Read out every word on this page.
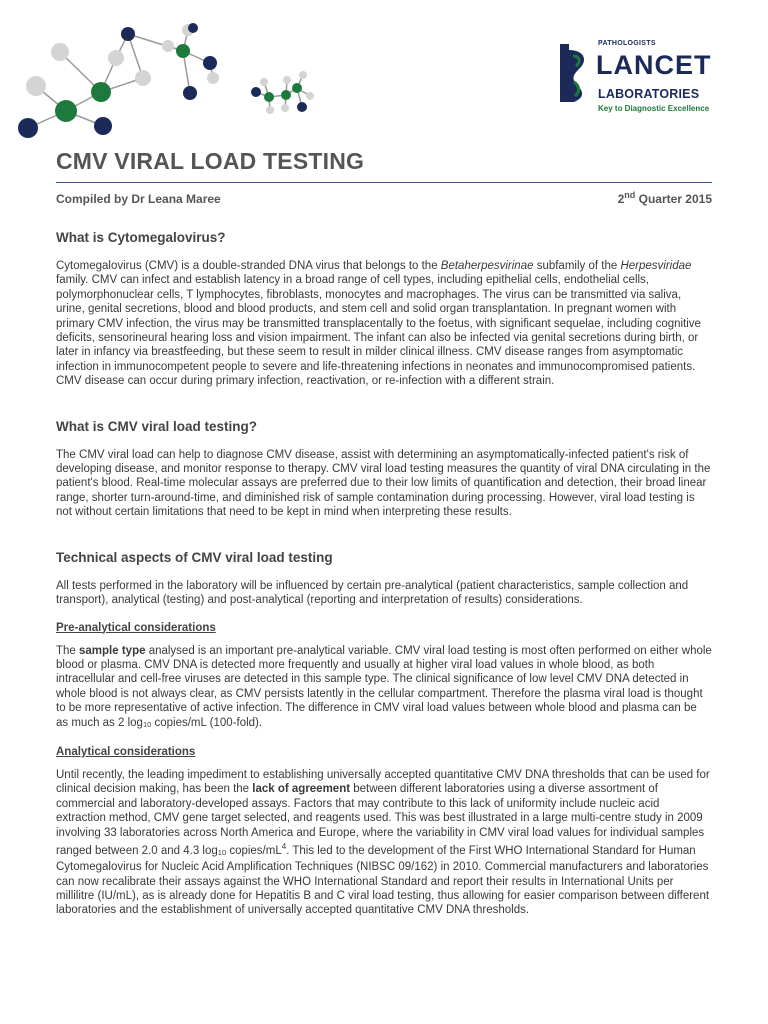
PATHOLOGISTS
LANCET
LABORATORIES
Key to Diagnostic Excellence
CMV VIRAL LOAD TESTING
Compiled by Dr Leana Maree	2nd Quarter 2015
What is Cytomegalovirus?

Cytomegalovirus (CMV) is a double-stranded DNA virus that belongs to the Betaherpesvirinae subfamily of the Herpesviridae family. CMV can infect and establish latency in a broad range of cell types, including epithelial cells, endothelial cells, polymorphonuclear cells, T lymphocytes, fibroblasts, monocytes and macrophages. The virus can be transmitted via saliva, urine, genital secretions, blood and blood products, and stem cell and solid organ transplantation. In pregnant women with primary CMV infection, the virus may be transmitted transplacentally to the foetus, with significant sequelae, including cognitive deficits, sensorineural hearing loss and vision impairment. The infant can also be infected via genital secretions during birth, or later in infancy via breastfeeding, but these seem to result in milder clinical illness. CMV disease ranges from asymptomatic infection in immunocompetent people to severe and life-threatening infections in neonates and immunocompromised patients. CMV disease can occur during primary infection, reactivation, or re-infection with a different strain.

What is CMV viral load testing?

The CMV viral load can help to diagnose CMV disease, assist with determining an asymptomatically-infected patient's risk of developing disease, and monitor response to therapy. CMV viral load testing measures the quantity of viral DNA circulating in the patient's blood. Real-time molecular assays are preferred due to their low limits of quantification and detection, their broad linear range, shorter turn-around-time, and diminished risk of sample contamination during processing. However, viral load testing is not without certain limitations that need to be kept in mind when interpreting these results.

Technical aspects of CMV viral load testing

All tests performed in the laboratory will be influenced by certain pre-analytical (patient characteristics, sample collection and transport), analytical (testing) and post-analytical (reporting and interpretation of results) considerations.

Pre-analytical considerations

The sample type analysed is an important pre-analytical variable. CMV viral load testing is most often performed on either whole blood or plasma. CMV DNA is detected more frequently and usually at higher viral load values in whole blood, as both intracellular and cell-free viruses are detected in this sample type. The clinical significance of low level CMV DNA detected in whole blood is not always clear, as CMV persists latently in the cellular compartment. Therefore the plasma viral load is thought to be more representative of active infection. The difference in CMV viral load values between whole blood and plasma can be as much as 2 log10 copies/mL (100-fold).

Analytical considerations

Until recently, the leading impediment to establishing universally accepted quantitative CMV DNA thresholds that can be used for clinical decision making, has been the lack of agreement between different laboratories using a diverse assortment of commercial and laboratory-developed assays. Factors that may contribute to this lack of uniformity include nucleic acid extraction method, CMV gene target selected, and reagents used. This was best illustrated in a large multi-centre study in 2009 involving 33 laboratories across North America and Europe, where the variability in CMV viral load values for individual samples ranged between 2.0 and 4.3 log10 copies/$mL^4$. This led to the development of the First WHO International Standard for Human Cytomegalovirus for Nucleic Acid Amplification Techniques (NIBSC 09/162) in 2010. Commercial manufacturers and laboratories can now recalibrate their assays against the WHO International Standard and report their results in International Units per millilitre (IU/mL), as is already done for Hepatitis B and C viral load testing, thus allowing for easier comparison between different laboratories and the establishment of universally accepted quantitative CMV DNA thresholds.
